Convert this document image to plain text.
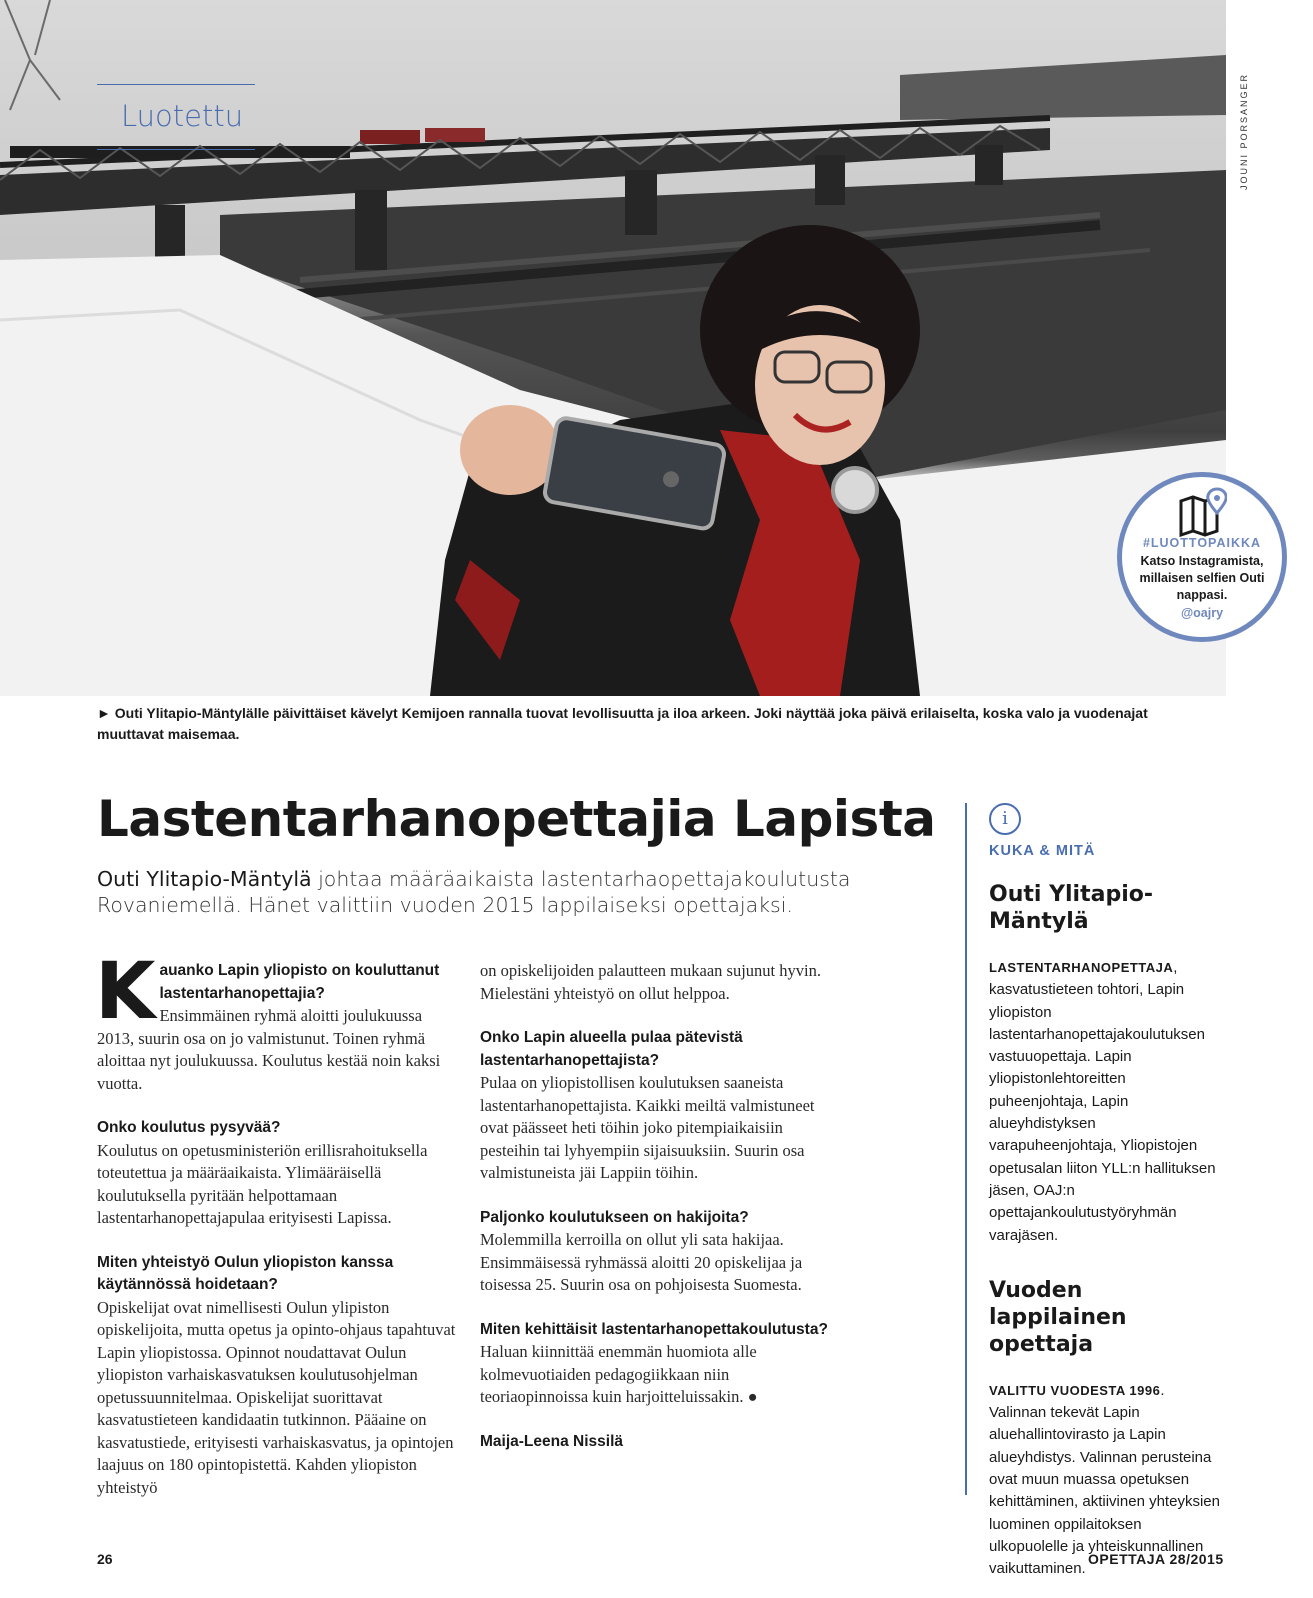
Luotettu	JOUNI PORSANGER
#LUOTTOPAIKKA
Katso Instagramista, millaisen selfien Outi nappasi.
@oajry
► Outi Ylitapio-Mäntylälle päivittäiset kävelyt Kemijoen rannalla tuovat levollisuutta ja iloa arkeen. Joki näyttää joka päivä erilaiselta, koska valo ja vuodenajat muuttavat maisemaa.
Lastentarhanopettajia Lapista
Outi Ylitapio-Mäntylä johtaa määräaikaista lastentarhaopettajakoulutusta Rovaniemellä. Hänet valittiin vuoden 2015 lappilaiseksi opettajaksi.
K auanko Lapin yliopisto on kouluttanut lastentarhanopettajia?
Ensimmäinen ryhmä aloitti joulukuussa 2013, suurin osa on jo valmistunut. Toinen ryhmä aloittaa nyt joulukuussa. Koulutus kestää noin kaksi vuotta.
Onko koulutus pysyvää?
Koulutus on opetusministeriön erillisrahoituksella toteutettua ja määräaikaista. Ylimääräisellä koulutuksella pyritään helpottamaan lastentarhanopettajapulaa erityisesti Lapissa.
Miten yhteistyö Oulun yliopiston kanssa käytännössä hoidetaan?
Opiskelijat ovat nimellisesti Oulun ylipiston opiskelijoita, mutta opetus ja opinto-ohjaus tapahtuvat Lapin yliopistossa. Opinnot noudattavat Oulun yliopiston varhaiskasvatuksen koulutusohjelman opetussuunnitelmaa. Opiskelijat suorittavat kasvatustieteen kandidaatin tutkinnon. Pääaine on kasvatustiede, erityisesti varhaiskasvatus, ja opintojen laajuus on 180 opintopistettä. Kahden yliopiston yhteistyö
on opiskelijoiden palautteen mukaan sujunut hyvin. Mielestäni yhteistyö on ollut helppoa.
Onko Lapin alueella pulaa pätevistä lastentarhanopettajista?
Pulaa on yliopistollisen koulutuksen saaneista lastentarhanopettajista. Kaikki meiltä valmistuneet ovat päässeet heti töihin joko pitempiaikaisiin pesteihin tai lyhyempiin sijaisuuksiin. Suurin osa valmistuneista jäi Lappiin töihin.
Paljonko koulutukseen on hakijoita?
Molemmilla kerroilla on ollut yli sata hakijaa. Ensimmäisessä ryhmässä aloitti 20 opiskelijaa ja toisessa 25. Suurin osa on pohjoisesta Suomesta.
Miten kehittäisit lastentarhanopettakoulutusta?
Haluan kiinnittää enemmän huomiota alle kolmevuotiaiden pedagogiikkaan niin teoriaopinnoissa kuin harjoitteluissakin. ●
Maija-Leena Nissilä
i
KUKA & MITÄ
Outi Ylitapio-Mäntylä
LASTENTARHANOPETTAJA, kasvatustieteen tohtori, Lapin yliopiston lastentarhanopettajakoulutuksen vastuuopettaja. Lapin yliopistonlehtoreitten puheenjohtaja, Lapin alueyhdistyksen varapuheenjohtaja, Yliopistojen opetusalan liiton YLL:n hallituksen jäsen, OAJ:n opettajankoulutustyöryhmän varajäsen.
Vuoden lappilainen opettaja
VALITTU VUODESTA 1996. Valinnan tekevät Lapin aluehallintovirasto ja Lapin alueyhdistys. Valinnan perusteina ovat muun muassa opetuksen kehittäminen, aktiivinen yhteyksien luominen oppilaitoksen ulkopuolelle ja yhteiskunnallinen vaikuttaminen.
26	OPETTAJA 28/2015
